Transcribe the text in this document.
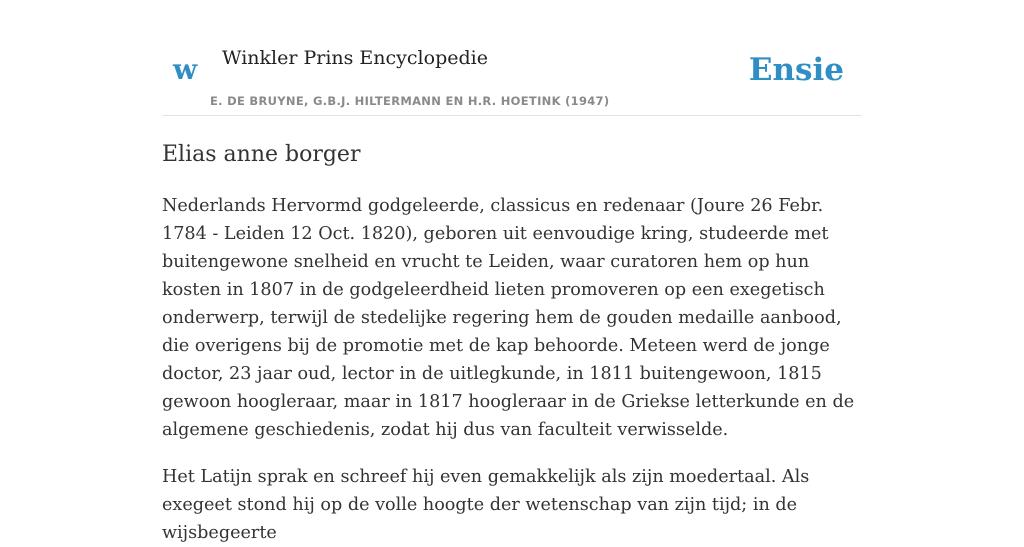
w Winkler Prins Encyclopedie
E. DE BRUYNE, G.B.J. HILTERMANN EN H.R. HOETINK (1947)
Ensie
Elias anne borger

Nederlands Hervormd godgeleerde, classicus en redenaar (Joure 26 Febr. 1784 - Leiden 12 Oct. 1820), geboren uit eenvoudige kring, studeerde met buitengewone snelheid en vrucht te Leiden, waar curatoren hem op hun kosten in 1807 in de godgeleerdheid lieten promoveren op een exegetisch onderwerp, terwijl de stedelijke regering hem de gouden medaille aanbood, die overigens bij de promotie met de kap behoorde. Meteen werd de jonge doctor, 23 jaar oud, lector in de uitlegkunde, in 1811 buitengewoon, 1815 gewoon hoogleraar, maar in 1817 hoogleraar in de Griekse letterkunde en de algemene geschiedenis, zodat hij dus van faculteit verwisselde.

Het Latijn sprak en schreef hij even gemakkelijk als zijn moedertaal. Als exegeet stond hij op de volle hoogte der wetenschap van zijn tijd; in de wijsbegeerte
